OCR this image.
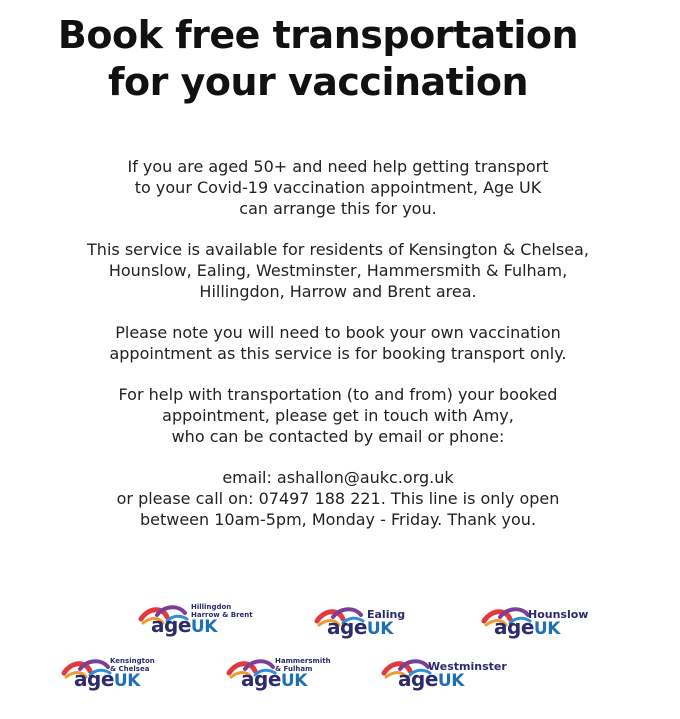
Book free transportation
for your vaccination

If you are aged 50+ and need help getting transport
to your Covid-19 vaccination appointment, Age UK
can arrange this for you.

This service is available for residents of Kensington & Chelsea,
Hounslow, Ealing, Westminster, Hammersmith & Fulham,
Hillingdon, Harrow and Brent area.

Please note you will need to book your own vaccination
appointment as this service is for booking transport only.

For help with transportation (to and from) your booked
appointment, please get in touch with Amy,
who can be contacted by email or phone:

email: ashallon@aukc.org.uk
or please call on: 07497 188 221. This line is only open
between 10am-5pm, Monday - Friday. Thank you.

ageUK
Hillingdon
Harrow & Brent	ageUK
Ealing
ageUK
Hounslow
ageUK
Kensington
& Chelsea	ageUK
Hammersmith
& Fulham	ageUK
Westminster
